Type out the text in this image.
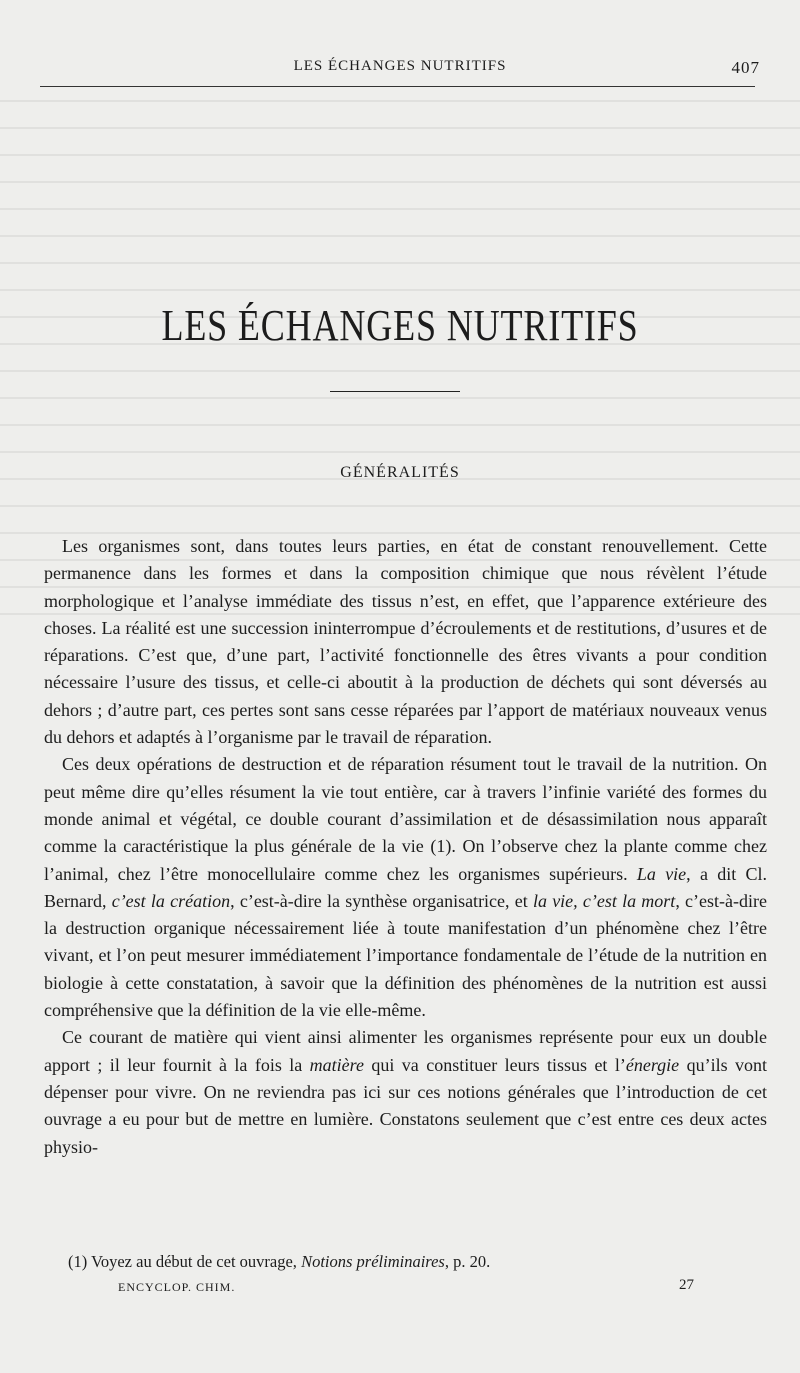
LES ÉCHANGES NUTRITIFS	407
LES ÉCHANGES NUTRITIFS
GÉNÉRALITÉS

Les organismes sont, dans toutes leurs parties, en état de constant renouvellement. Cette permanence dans les formes et dans la composition chimique que nous révèlent l’étude morphologique et l’analyse immédiate des tissus n’est, en effet, que l’apparence extérieure des choses. La réalité est une succession ininterrompue d’écroulements et de restitutions, d’usures et de réparations. C’est que, d’une part, l’activité fonctionnelle des êtres vivants a pour condition nécessaire l’usure des tissus, et celle-ci aboutit à la production de déchets qui sont déversés au dehors ; d’autre part, ces pertes sont sans cesse réparées par l’apport de matériaux nouveaux venus du dehors et adaptés à l’organisme par le travail de réparation.

Ces deux opérations de destruction et de réparation résument tout le travail de la nutrition. On peut même dire qu’elles résument la vie tout entière, car à travers l’infinie variété des formes du monde animal et végétal, ce double courant d’assimilation et de désassimilation nous apparaît comme la caractéristique la plus générale de la vie (1). On l’observe chez la plante comme chez l’animal, chez l’être monocellulaire comme chez les organismes supérieurs. La vie, a dit Cl. Bernard, c’est la création, c’est-à-dire la synthèse organisatrice, et la vie, c’est la mort, c’est-à-dire la destruction organique nécessairement liée à toute manifestation d’un phénomène chez l’être vivant, et l’on peut mesurer immédiatement l’importance fondamentale de l’étude de la nutrition en biologie à cette constatation, à savoir que la définition des phénomènes de la nutrition est aussi compréhensive que la définition de la vie elle-même.

Ce courant de matière qui vient ainsi alimenter les organismes représente pour eux un double apport ; il leur fournit à la fois la matière qui va constituer leurs tissus et l’énergie qu’ils vont dépenser pour vivre. On ne reviendra pas ici sur ces notions générales que l’introduction de cet ouvrage a eu pour but de mettre en lumière. Constatons seulement que c’est entre ces deux actes physio-

(1) Voyez au début de cet ouvrage, Notions préliminaires, p. 20.
ENCYCLOP. CHIM.	27
